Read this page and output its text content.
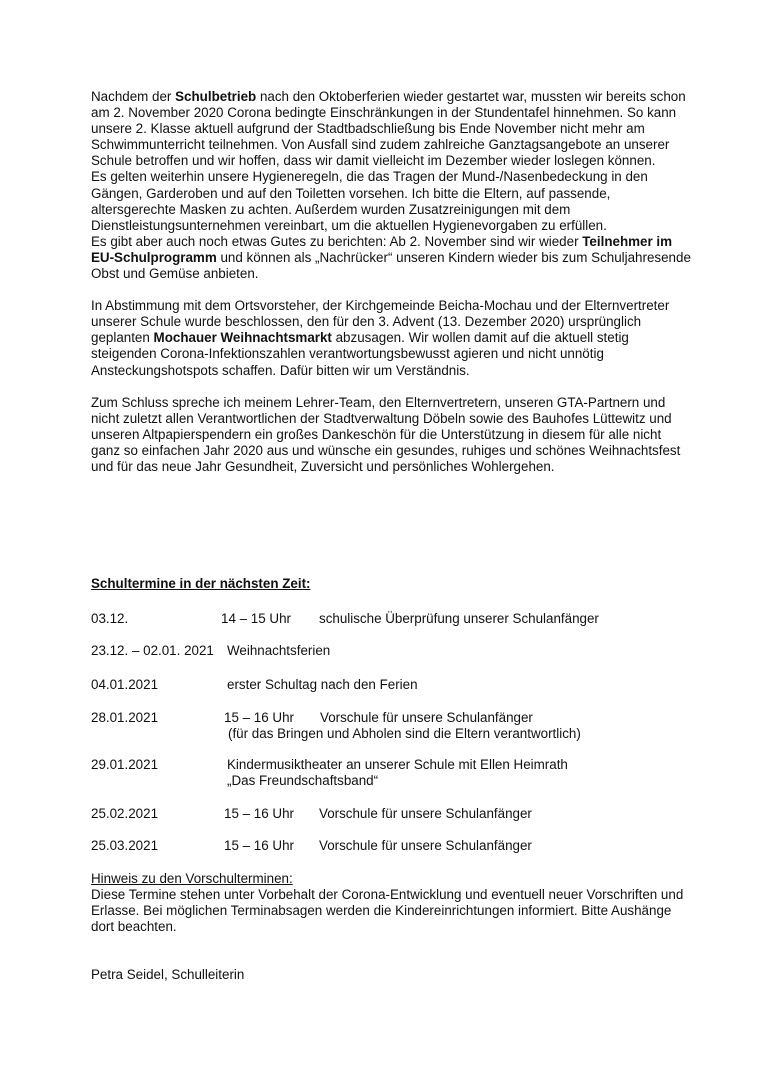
Nachdem der Schulbetrieb nach den Oktoberferien wieder gestartet war, mussten wir bereits schon am 2. November 2020 Corona bedingte Einschränkungen in der Stundentafel hinnehmen. So kann unsere 2. Klasse aktuell aufgrund der Stadtbadschließung bis Ende November nicht mehr am Schwimmunterricht teilnehmen. Von Ausfall sind zudem zahlreiche Ganztagsangebote an unserer Schule betroffen und wir hoffen, dass wir damit vielleicht im Dezember wieder loslegen können.

Es gelten weiterhin unsere Hygieneregeln, die das Tragen der Mund-/Nasenbedeckung in den Gängen, Garderoben und auf den Toiletten vorsehen. Ich bitte die Eltern, auf passende, altersgerechte Masken zu achten. Außerdem wurden Zusatzreinigungen mit dem Dienstleistungsunternehmen vereinbart, um die aktuellen Hygienevorgaben zu erfüllen.

Es gibt aber auch noch etwas Gutes zu berichten: Ab 2. November sind wir wieder Teilnehmer im EU-Schulprogramm und können als „Nachrücker“ unseren Kindern wieder bis zum Schuljahresende Obst und Gemüse anbieten.

In Abstimmung mit dem Ortsvorsteher, der Kirchgemeinde Beicha-Mochau und der Elternvertreter unserer Schule wurde beschlossen, den für den 3. Advent (13. Dezember 2020) ursprünglich geplanten Mochauer Weihnachtsmarkt abzusagen. Wir wollen damit auf die aktuell stetig steigenden Corona-Infektionszahlen verantwortungsbewusst agieren und nicht unnötig Ansteckungshotspots schaffen. Dafür bitten wir um Verständnis.

Zum Schluss spreche ich meinem Lehrer-Team, den Elternvertretern, unseren GTA-Partnern und nicht zuletzt allen Verantwortlichen der Stadtverwaltung Döbeln sowie des Bauhofes Lüttewitz und unseren Altpapierspendern ein großes Dankeschön für die Unterstützung in diesem für alle nicht ganz so einfachen Jahr 2020 aus und wünsche ein gesundes, ruhiges und schönes Weihnachtsfest und für das neue Jahr Gesundheit, Zuversicht und persönliches Wohlergehen.

Schultermine in der nächsten Zeit:
03.12.	14 – 15 Uhr schulische Überprüfung unserer Schulanfänger
23.12. – 02.01. 2021 Weihnachtsferien
04.01.2021	erster Schultag nach den Ferien
28.01.2021	15 – 16 Uhr Vorschule für unsere Schulanfänger
(für das Bringen und Abholen sind die Eltern verantwortlich)
29.01.2021	Kindermusiktheater an unserer Schule mit Ellen Heimrath
„Das Freundschaftsband“
25.02.2021	15 – 16 Uhr Vorschule für unsere Schulanfänger
25.03.2021	15 – 16 Uhr Vorschule für unsere Schulanfänger
Hinweis zu den Vorschulterminen:
Diese Termine stehen unter Vorbehalt der Corona-Entwicklung und eventuell neuer Vorschriften und Erlasse. Bei möglichen Terminabsagen werden die Kindereinrichtungen informiert. Bitte Aushänge dort beachten.
Petra Seidel, Schulleiterin
